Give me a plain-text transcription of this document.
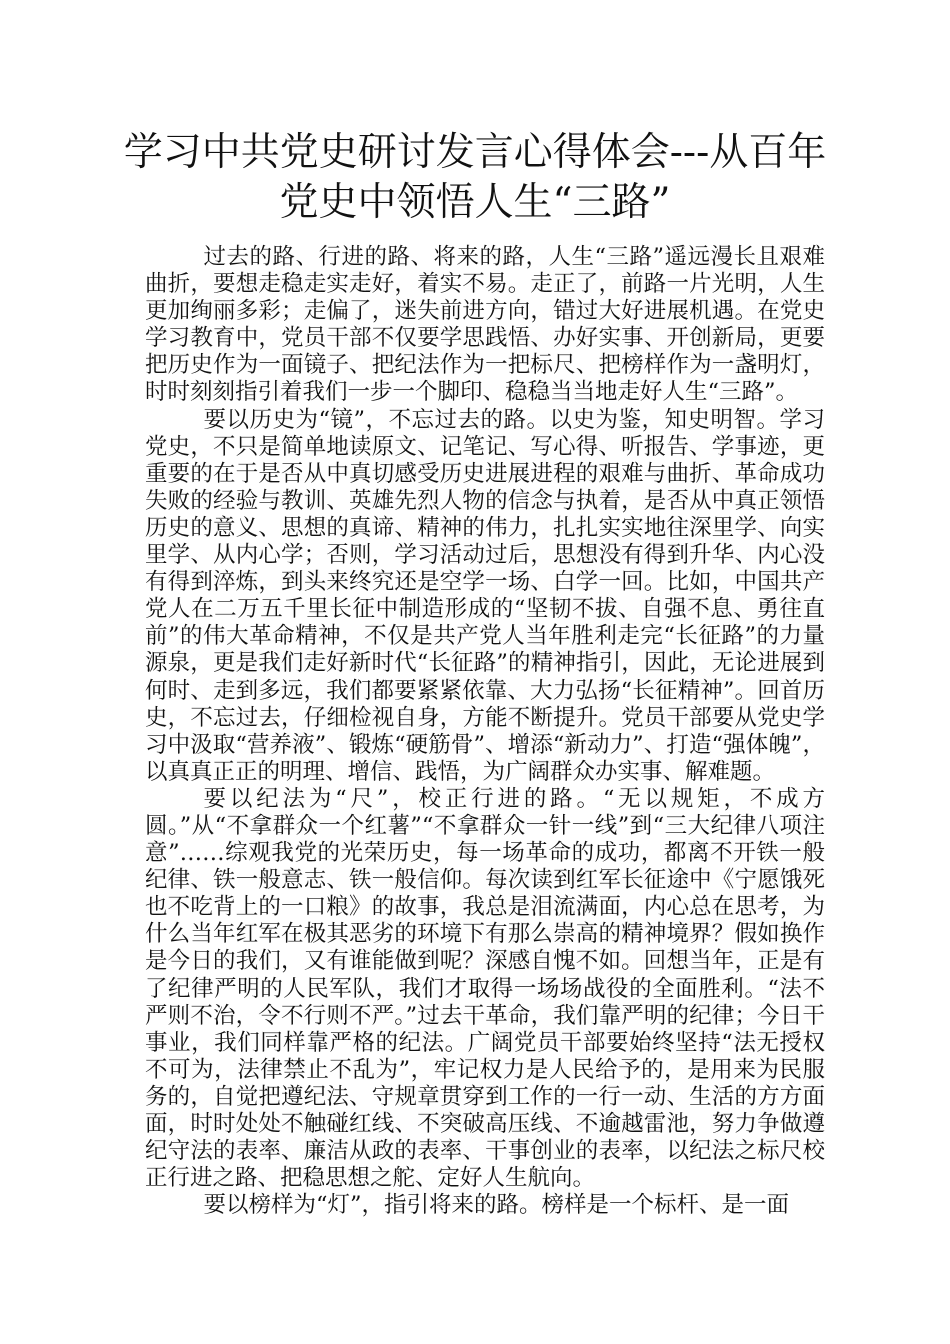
学习中共党史研讨发言心得体会---从百年
党史中领悟人生“三路”

过去的路、行进的路、将来的路，人生“三路”遥远漫长且艰难曲折，要想走稳走实走好，着实不易。走正了，前路一片光明，人生更加绚丽多彩；走偏了，迷失前进方向，错过大好进展机遇。在党史学习教育中，党员干部不仅要学思践悟、办好实事、开创新局，更要把历史作为一面镜子、把纪法作为一把标尺、把榜样作为一盏明灯，时时刻刻指引着我们一步一个脚印、稳稳当当地走好人生“三路”。

要以历史为“镜”，不忘过去的路。以史为鉴，知史明智。学习党史，不只是简单地读原文、记笔记、写心得、听报告、学事迹，更重要的在于是否从中真切感受历史进展进程的艰难与曲折、革命成功失败的经验与教训、英雄先烈人物的信念与执着，是否从中真正领悟历史的意义、思想的真谛、精神的伟力，扎扎实实地往深里学、向实里学、从内心学；否则，学习活动过后，思想没有得到升华、内心没有得到淬炼，到头来终究还是空学一场、白学一回。比如，中国共产党人在二万五千里长征中制造形成的“坚韧不拔、自强不息、勇往直前”的伟大革命精神，不仅是共产党人当年胜利走完“长征路”的力量源泉，更是我们走好新时代“长征路”的精神指引，因此，无论进展到何时、走到多远，我们都要紧紧依靠、大力弘扬“长征精神”。回首历史，不忘过去，仔细检视自身，方能不断提升。党员干部要从党史学习中汲取“营养液”、锻炼“硬筋骨”、增添“新动力”、打造“强体魄”，以真真正正的明理、增信、践悟，为广阔群众办实事、解难题。

要以纪法为“尺”，校正行进的路。“无以规矩，不成方圆。”从“不拿群众一个红薯”“不拿群众一针一线”到“三大纪律八项注意”……综观我党的光荣历史，每一场革命的成功，都离不开铁一般纪律、铁一般意志、铁一般信仰。每次读到红军长征途中《宁愿饿死也不吃背上的一口粮》的故事，我总是泪流满面，内心总在思考，为什么当年红军在极其恶劣的环境下有那么崇高的精神境界？假如换作是今日的我们，又有谁能做到呢？深感自愧不如。回想当年，正是有了纪律严明的人民军队，我们才取得一场场战役的全面胜利。“法不严则不治，令不行则不严。”过去干革命，我们靠严明的纪律；今日干事业，我们同样靠严格的纪法。广阔党员干部要始终坚持“法无授权不可为，法律禁止不乱为”，牢记权力是人民给予的，是用来为民服务的，自觉把遵纪法、守规章贯穿到工作的一行一动、生活的方方面面，时时处处不触碰红线、不突破高压线、不逾越雷池，努力争做遵纪守法的表率、廉洁从政的表率、干事创业的表率，以纪法之标尺校正行进之路、把稳思想之舵、定好人生航向。

要以榜样为“灯”，指引将来的路。榜样是一个标杆、是一面
